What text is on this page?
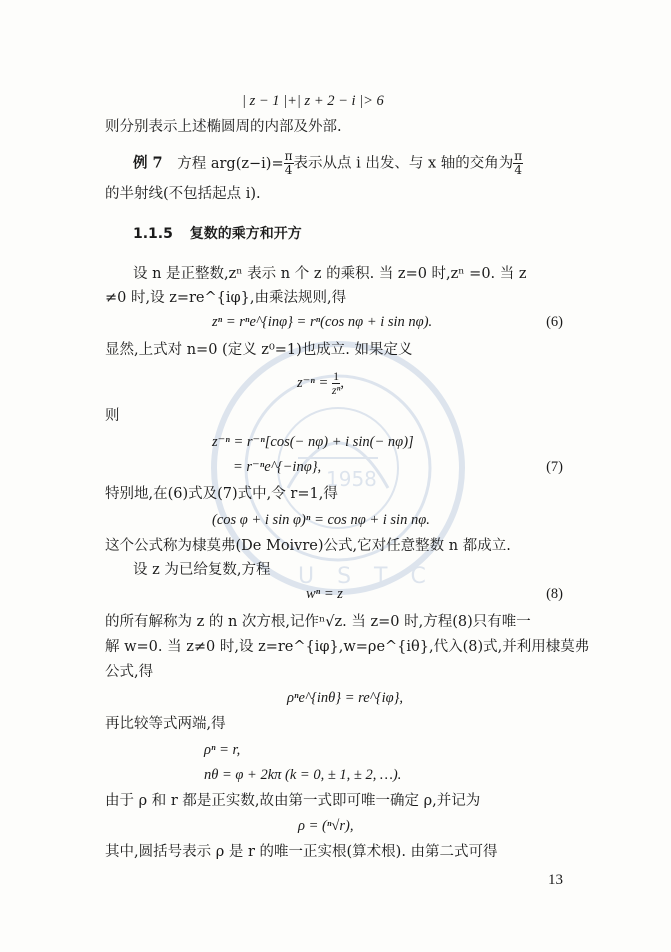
1958
U S T C
| z − 1 |+| z + 2 − i |> 6
则分别表示上述椭圆周的内部及外部.
例 7 方程 $arg(z-i)= \frac{\pi}{4}$ 表示从点 i 出发、与 x 轴的交角为 $\frac{\pi}{4}$
的半射线(不包括起点 i).
1.1.5 复数的乘方和开方
设 n 是正整数,zⁿ 表示 n 个 z 的乘积. 当 z=0 时,zⁿ =0. 当 z
≠0 时,设 z=re^{iφ},由乘法规则,得
zⁿ = rⁿe^{inφ} = rⁿ(cos nφ + i sin nφ).	(6)
显然,上式对 n=0 (定义 z⁰=1)也成立. 如果定义
$z^{-n} = \frac{1}{\text{zⁿ}}$ ,
则
z⁻ⁿ = r⁻ⁿ[cos(− nφ) + i sin(− nφ)]
= r⁻ⁿe^{−inφ},	(7)
特别地,在(6)式及(7)式中,令 r=1,得
(cos φ + i sin φ)ⁿ = cos nφ + i sin nφ.
这个公式称为棣莫弗(De Moivre)公式,它对任意整数 n 都成立.
设 z 为已给复数,方程
wⁿ = z	(8)
的所有解称为 z 的 n 次方根,记作ⁿ√z. 当 z=0 时,方程(8)只有唯一
解 w=0. 当 z≠0 时,设 z=re^{iφ},w=ρe^{iθ},代入(8)式,并利用棣莫弗
公式,得
ρⁿe^{inθ} = re^{iφ},
再比较等式两端,得
ρⁿ = r,
nθ = φ + 2kπ (k = 0, ± 1, ± 2, …).
由于 ρ 和 r 都是正实数,故由第一式即可唯一确定 ρ,并记为
ρ = (ⁿ√r),
其中,圆括号表示 ρ 是 r 的唯一正实根(算术根). 由第二式可得
13
